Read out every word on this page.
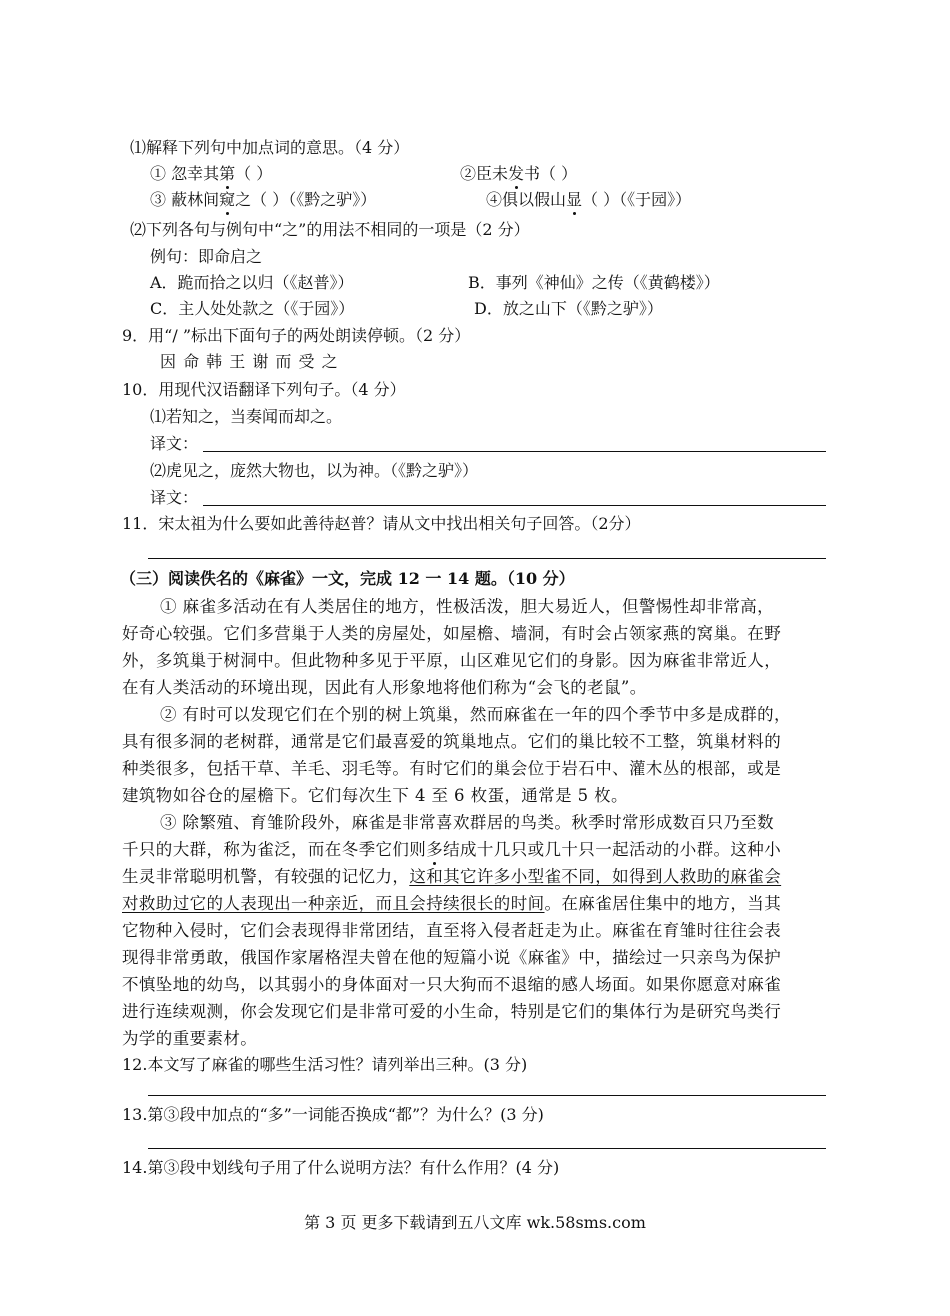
⑴解释下列句中加点词的意思。（4 分）
① 忽幸其第（ ）	②臣未发书（ ）
③ 蔽林间窥之（ ）（《黔之驴》）	④俱以假山显（ ）（《于园》）
⑵下列各句与例句中“之”的用法不相同的一项是（2 分）
例句：即命启之
A．跪而拾之以归（《赵普》）	B．事列《神仙》之传（《黄鹤楼》）
C．主人处处款之（《于园》）	D．放之山下（《黔之驴》）
9．用“/ ”标出下面句子的两处朗读停顿。（2 分）
因 命 韩 王 谢 而 受 之
10．用现代汉语翻译下列句子。（4 分）
⑴若知之，当奏闻而却之。
译文：
⑵虎见之，庞然大物也，以为神。（《黔之驴》）
译文：
11．宋太祖为什么要如此善待赵普？请从文中找出相关句子回答。（2分）
（三）阅读佚名的《麻雀》一文，完成 12 一 14 题。（10 分）
① 麻雀多活动在有人类居住的地方，性极活泼，胆大易近人，但警惕性却非常高，
好奇心较强。它们多营巢于人类的房屋处，如屋檐、墙洞，有时会占领家燕的窝巢。在野
外，多筑巢于树洞中。但此物种多见于平原，山区难见它们的身影。因为麻雀非常近人，
在有人类活动的环境出现，因此有人形象地将他们称为“会飞的老鼠”。
② 有时可以发现它们在个别的树上筑巢，然而麻雀在一年的四个季节中多是成群的，
具有很多洞的老树群，通常是它们最喜爱的筑巢地点。它们的巢比较不工整，筑巢材料的
种类很多，包括干草、羊毛、羽毛等。有时它们的巢会位于岩石中、灌木丛的根部，或是
建筑物如谷仓的屋檐下。它们每次生下 4 至 6 枚蛋，通常是 5 枚。
③ 除繁殖、育雏阶段外，麻雀是非常喜欢群居的鸟类。秋季时常形成数百只乃至数
千只的大群，称为雀泛，而在冬季它们则多结成十几只或几十只一起活动的小群。这种小
生灵非常聪明机警，有较强的记忆力，这和其它许多小型雀不同，如得到人救助的麻雀会
对救助过它的人表现出一种亲近，而且会持续很长的时间。在麻雀居住集中的地方，当其
它物种入侵时，它们会表现得非常团结，直至将入侵者赶走为止。麻雀在育雏时往往会表
现得非常勇敢，俄国作家屠格涅夫曾在他的短篇小说《麻雀》中，描绘过一只亲鸟为保护
不慎坠地的幼鸟，以其弱小的身体面对一只大狗而不退缩的感人场面。如果你愿意对麻雀
进行连续观测，你会发现它们是非常可爱的小生命，特别是它们的集体行为是研究鸟类行
为学的重要素材。
12.本文写了麻雀的哪些生活习性？请列举出三种。(3 分)
13.第③段中加点的“多”一词能否换成“都”？为什么？(3 分)
14.第③段中划线句子用了什么说明方法？有什么作用？(4 分)
第 3 页 更多下载请到五八文库 wk.58sms.com
